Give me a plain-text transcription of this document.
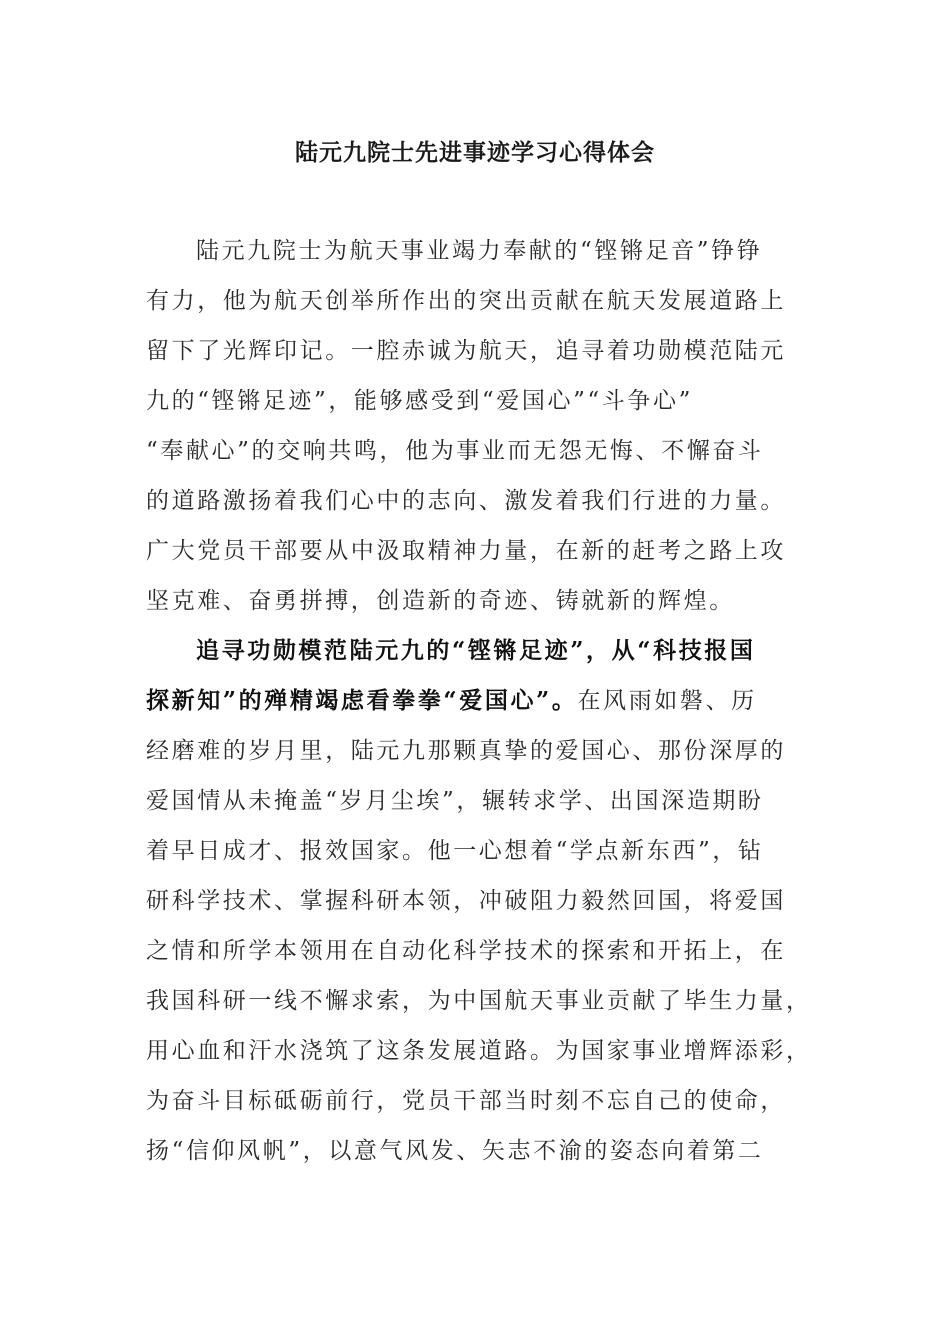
陆元九院士先进事迹学习心得体会
陆元九院士为航天事业竭力奉献的“铿锵足音”铮铮
有力，他为航天创举所作出的突出贡献在航天发展道路上
留下了光辉印记。一腔赤诚为航天，追寻着功勋模范陆元
九的“铿锵足迹”，能够感受到“爱国心”“斗争心”
“奉献心”的交响共鸣，他为事业而无怨无悔、不懈奋斗
的道路激扬着我们心中的志向、激发着我们行进的力量。
广大党员干部要从中汲取精神力量，在新的赶考之路上攻
坚克难、奋勇拼搏，创造新的奇迹、铸就新的辉煌。
追寻功勋模范陆元九的“铿锵足迹”，从“科技报国
探新知”的殚精竭虑看拳拳“爱国心”。在风雨如磐、历
经磨难的岁月里，陆元九那颗真挚的爱国心、那份深厚的
爱国情从未掩盖“岁月尘埃”，辗转求学、出国深造期盼
着早日成才、报效国家。他一心想着“学点新东西”，钻
研科学技术、掌握科研本领，冲破阻力毅然回国，将爱国
之情和所学本领用在自动化科学技术的探索和开拓上，在
我国科研一线不懈求索，为中国航天事业贡献了毕生力量，
用心血和汗水浇筑了这条发展道路。为国家事业增辉添彩，
为奋斗目标砥砺前行，党员干部当时刻不忘自己的使命，
扬“信仰风帆”，以意气风发、矢志不渝的姿态向着第二
